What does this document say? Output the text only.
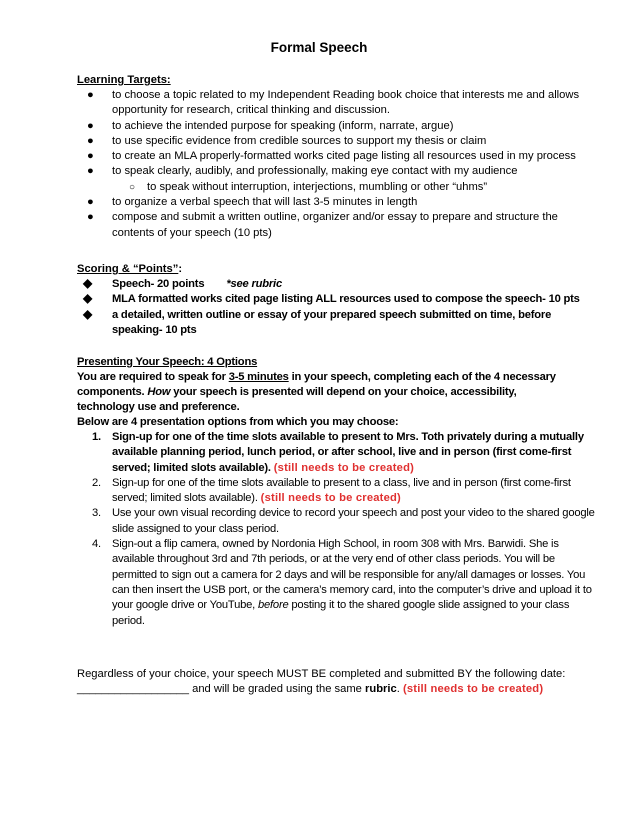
Formal Speech
Learning Targets:
● to choose a topic related to my Independent Reading book choice that interests me and allows opportunity for research, critical thinking and discussion.
● to achieve the intended purpose for speaking (inform, narrate, argue)
● to use specific evidence from credible sources to support my thesis or claim
● to create an MLA properly-formatted works cited page listing all resources used in my process
● to speak clearly, audibly, and professionally, making eye contact with my audience
○ to speak without interruption, interjections, mumbling or other “uhms”
● to organize a verbal speech that will last 3-5 minutes in length
● compose and submit a written outline, organizer and/or essay to prepare and structure the contents of your speech (10 pts)
Scoring & “Points”:
◆ Speech- 20 points *see rubric
◆ MLA formatted works cited page listing ALL resources used to compose the speech- 10 pts
◆ a detailed, written outline or essay of your prepared speech submitted on time, before speaking- 10 pts
Presenting Your Speech: 4 Options
You are required to speak for 3-5 minutes in your speech, completing each of the 4 necessary components. How your speech is presented will depend on your choice, accessibility, technology use and preference.
Below are 4 presentation options from which you may choose:
1. Sign-up for one of the time slots available to present to Mrs. Toth privately during a mutually available planning period, lunch period, or after school, live and in person (first come-first served; limited slots available). (still needs to be created)
2. Sign-up for one of the time slots available to present to a class, live and in person (first come-first served; limited slots available). (still needs to be created)
3. Use your own visual recording device to record your speech and post your video to the shared google slide assigned to your class period.
4. Sign-out a flip camera, owned by Nordonia High School, in room 308 with Mrs. Barwidi. She is available throughout 3rd and 7th periods, or at the very end of other class periods. You will be permitted to sign out a camera for 2 days and will be responsible for any/all damages or losses. You can then insert the USB port, or the camera’s memory card, into the computer’s drive and upload it to your google drive or YouTube, before posting it to the shared google slide assigned to your class period.
Regardless of your choice, your speech MUST BE completed and submitted BY the following date:
__________________ and will be graded using the same rubric. (still needs to be created)
